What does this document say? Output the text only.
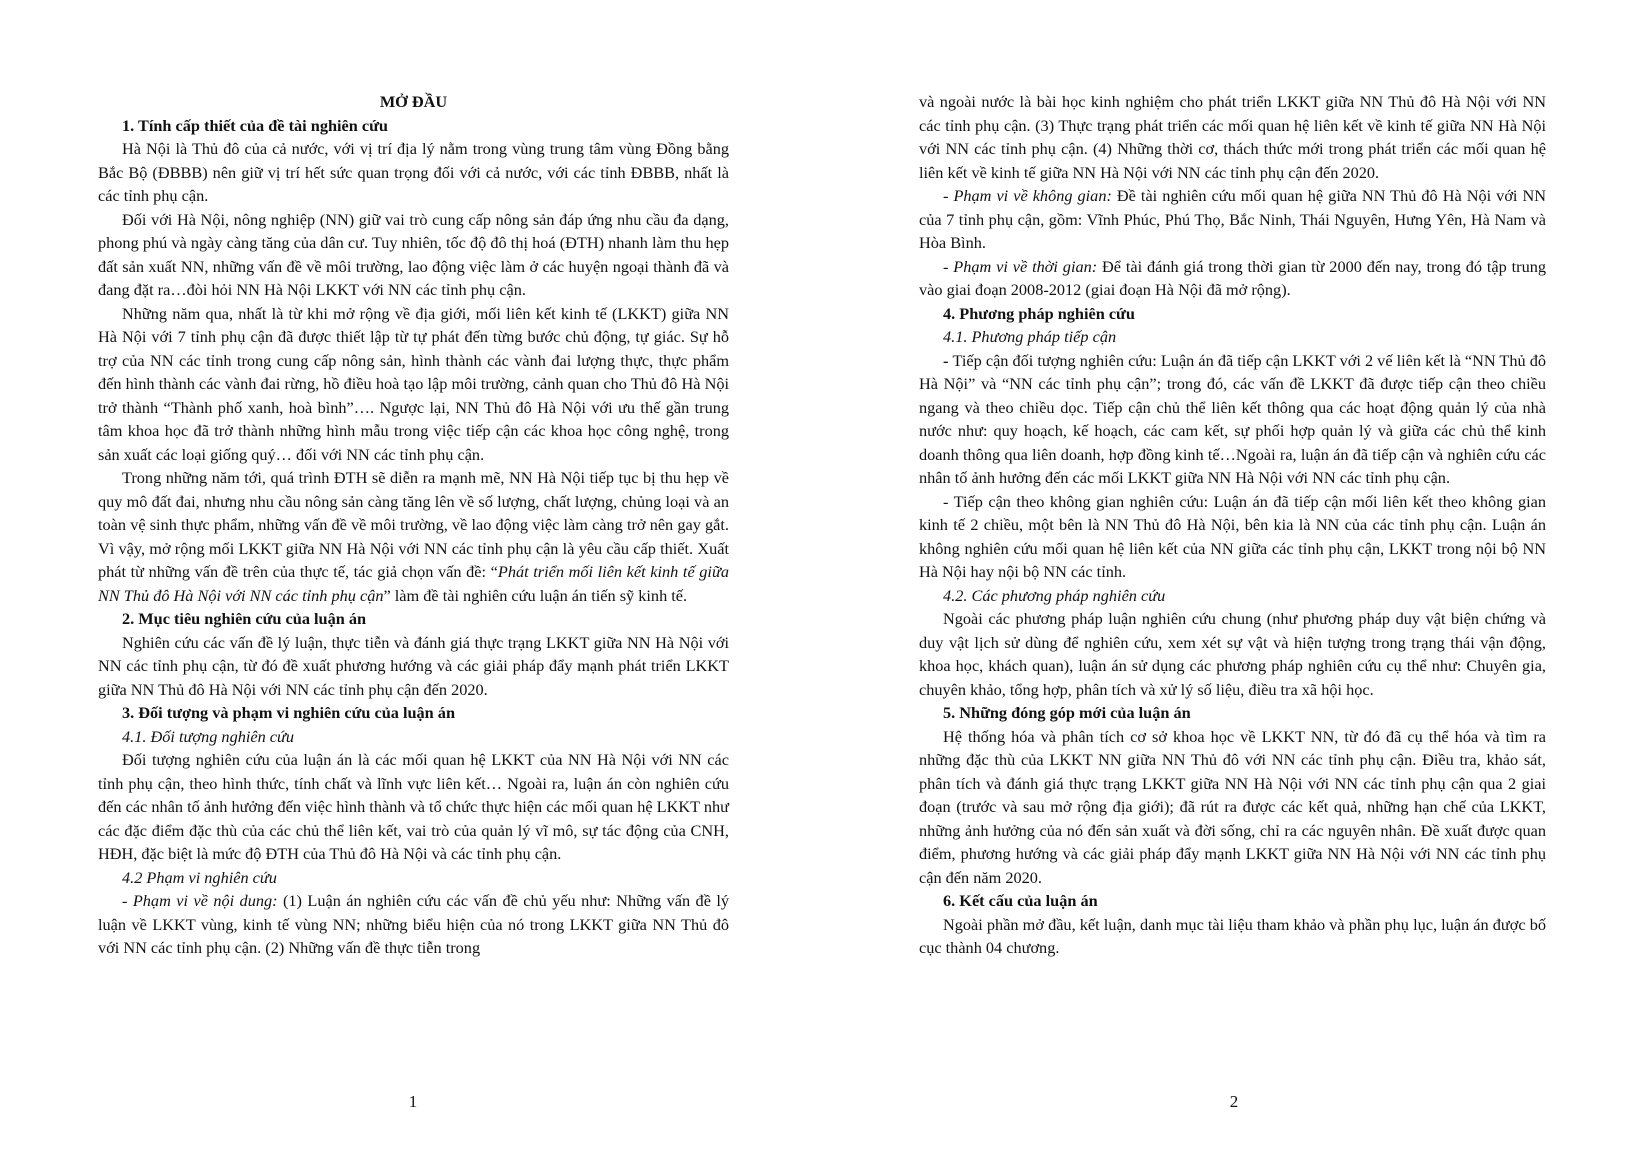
MỞ ĐẦU

1. Tính cấp thiết của đề tài nghiên cứu

Hà Nội là Thủ đô của cả nước, với vị trí địa lý nằm trong vùng trung tâm vùng Đồng bằng Bắc Bộ (ĐBBB) nên giữ vị trí hết sức quan trọng đối với cả nước, với các tỉnh ĐBBB, nhất là các tỉnh phụ cận.

Đối với Hà Nội, nông nghiệp (NN) giữ vai trò cung cấp nông sản đáp ứng nhu cầu đa dạng, phong phú và ngày càng tăng của dân cư. Tuy nhiên, tốc độ đô thị hoá (ĐTH) nhanh làm thu hẹp đất sản xuất NN, những vấn đề về môi trường, lao động việc làm ở các huyện ngoại thành đã và đang đặt ra…đòi hỏi NN Hà Nội LKKT với NN các tỉnh phụ cận.

Những năm qua, nhất là từ khi mở rộng về địa giới, mối liên kết kinh tế (LKKT) giữa NN Hà Nội với 7 tỉnh phụ cận đã được thiết lập từ tự phát đến từng bước chủ động, tự giác. Sự hỗ trợ của NN các tỉnh trong cung cấp nông sản, hình thành các vành đai lượng thực, thực phẩm đến hình thành các vành đai rừng, hồ điều hoà tạo lập môi trường, cảnh quan cho Thủ đô Hà Nội trở thành “Thành phố xanh, hoà bình”…. Ngược lại, NN Thủ đô Hà Nội với ưu thế gần trung tâm khoa học đã trở thành những hình mẫu trong việc tiếp cận các khoa học công nghệ, trong sản xuất các loại giống quý… đối với NN các tỉnh phụ cận.

Trong những năm tới, quá trình ĐTH sẽ diễn ra mạnh mẽ, NN Hà Nội tiếp tục bị thu hẹp về quy mô đất đai, nhưng nhu cầu nông sản càng tăng lên về số lượng, chất lượng, chủng loại và an toàn vệ sinh thực phẩm, những vấn đề về môi trường, về lao động việc làm càng trở nên gay gắt. Vì vậy, mở rộng mối LKKT giữa NN Hà Nội với NN các tỉnh phụ cận là yêu cầu cấp thiết. Xuất phát từ những vấn đề trên của thực tế, tác giả chọn vấn đề: “Phát triển mối liên kết kinh tế giữa NN Thủ đô Hà Nội với NN các tỉnh phụ cận” làm đề tài nghiên cứu luận án tiến sỹ kinh tế.

2. Mục tiêu nghiên cứu của luận án

Nghiên cứu các vấn đề lý luận, thực tiễn và đánh giá thực trạng LKKT giữa NN Hà Nội với NN các tỉnh phụ cận, từ đó đề xuất phương hướng và các giải pháp đẩy mạnh phát triển LKKT giữa NN Thủ đô Hà Nội với NN các tỉnh phụ cận đến 2020.

3. Đối tượng và phạm vi nghiên cứu của luận án

4.1. Đối tượng nghiên cứu

Đối tượng nghiên cứu của luận án là các mối quan hệ LKKT của NN Hà Nội với NN các tỉnh phụ cận, theo hình thức, tính chất và lĩnh vực liên kết… Ngoài ra, luận án còn nghiên cứu đến các nhân tố ảnh hưởng đến việc hình thành và tổ chức thực hiện các mối quan hệ LKKT như các đặc điểm đặc thù của các chủ thể liên kết, vai trò của quản lý vĩ mô, sự tác động của CNH, HĐH, đặc biệt là mức độ ĐTH của Thủ đô Hà Nội và các tỉnh phụ cận.

4.2 Phạm vi nghiên cứu

- Phạm vi về nội dung: (1) Luận án nghiên cứu các vấn đề chủ yếu như: Những vấn đề lý luận về LKKT vùng, kinh tế vùng NN; những biểu hiện của nó trong LKKT giữa NN Thủ đô với NN các tỉnh phụ cận. (2) Những vấn đề thực tiễn trong

1

và ngoài nước là bài học kinh nghiệm cho phát triển LKKT giữa NN Thủ đô Hà Nội với NN các tỉnh phụ cận. (3) Thực trạng phát triển các mối quan hệ liên kết về kinh tế giữa NN Hà Nội với NN các tỉnh phụ cận. (4) Những thời cơ, thách thức mới trong phát triển các mối quan hệ liên kết về kinh tế giữa NN Hà Nội với NN các tỉnh phụ cận đến 2020.

- Phạm vi về không gian: Đề tài nghiên cứu mối quan hệ giữa NN Thủ đô Hà Nội với NN của 7 tỉnh phụ cận, gồm: Vĩnh Phúc, Phú Thọ, Bắc Ninh, Thái Nguyên, Hưng Yên, Hà Nam và Hòa Bình.

- Phạm vi về thời gian: Để tài đánh giá trong thời gian từ 2000 đến nay, trong đó tập trung vào giai đoạn 2008-2012 (giai đoạn Hà Nội đã mở rộng).

4. Phương pháp nghiên cứu

4.1. Phương pháp tiếp cận

- Tiếp cận đối tượng nghiên cứu: Luận án đã tiếp cận LKKT với 2 vế liên kết là “NN Thủ đô Hà Nội” và “NN các tỉnh phụ cận”; trong đó, các vấn đề LKKT đã được tiếp cận theo chiều ngang và theo chiều dọc. Tiếp cận chủ thể liên kết thông qua các hoạt động quản lý của nhà nước như: quy hoạch, kế hoạch, các cam kết, sự phối hợp quản lý và giữa các chủ thể kinh doanh thông qua liên doanh, hợp đồng kinh tế…Ngoài ra, luận án đã tiếp cận và nghiên cứu các nhân tố ảnh hưởng đến các mối LKKT giữa NN Hà Nội với NN các tỉnh phụ cận.

- Tiếp cận theo không gian nghiên cứu: Luận án đã tiếp cận mối liên kết theo không gian kinh tế 2 chiều, một bên là NN Thủ đô Hà Nội, bên kia là NN của các tỉnh phụ cận. Luận án không nghiên cứu mối quan hệ liên kết của NN giữa các tỉnh phụ cận, LKKT trong nội bộ NN Hà Nội hay nội bộ NN các tỉnh.

4.2. Các phương pháp nghiên cứu

Ngoài các phương pháp luận nghiên cứu chung (như phương pháp duy vật biện chứng và duy vật lịch sử dùng để nghiên cứu, xem xét sự vật và hiện tượng trong trạng thái vận động, khoa học, khách quan), luận án sử dụng các phương pháp nghiên cứu cụ thể như: Chuyên gia, chuyên khảo, tổng hợp, phân tích và xử lý số liệu, điều tra xã hội học.

5. Những đóng góp mới của luận án

Hệ thống hóa và phân tích cơ sở khoa học về LKKT NN, từ đó đã cụ thể hóa và tìm ra những đặc thù của LKKT NN giữa NN Thủ đô với NN các tỉnh phụ cận. Điều tra, khảo sát, phân tích và đánh giá thực trạng LKKT giữa NN Hà Nội với NN các tỉnh phụ cận qua 2 giai đoạn (trước và sau mở rộng địa giới); đã rút ra được các kết quả, những hạn chế của LKKT, những ảnh hưởng của nó đến sản xuất và đời sống, chỉ ra các nguyên nhân. Đề xuất được quan điểm, phương hướng và các giải pháp đẩy mạnh LKKT giữa NN Hà Nội với NN các tỉnh phụ cận đến năm 2020.

6. Kết cấu của luận án

Ngoài phần mở đầu, kết luận, danh mục tài liệu tham khảo và phần phụ lục, luận án được bố cục thành 04 chương.

2
